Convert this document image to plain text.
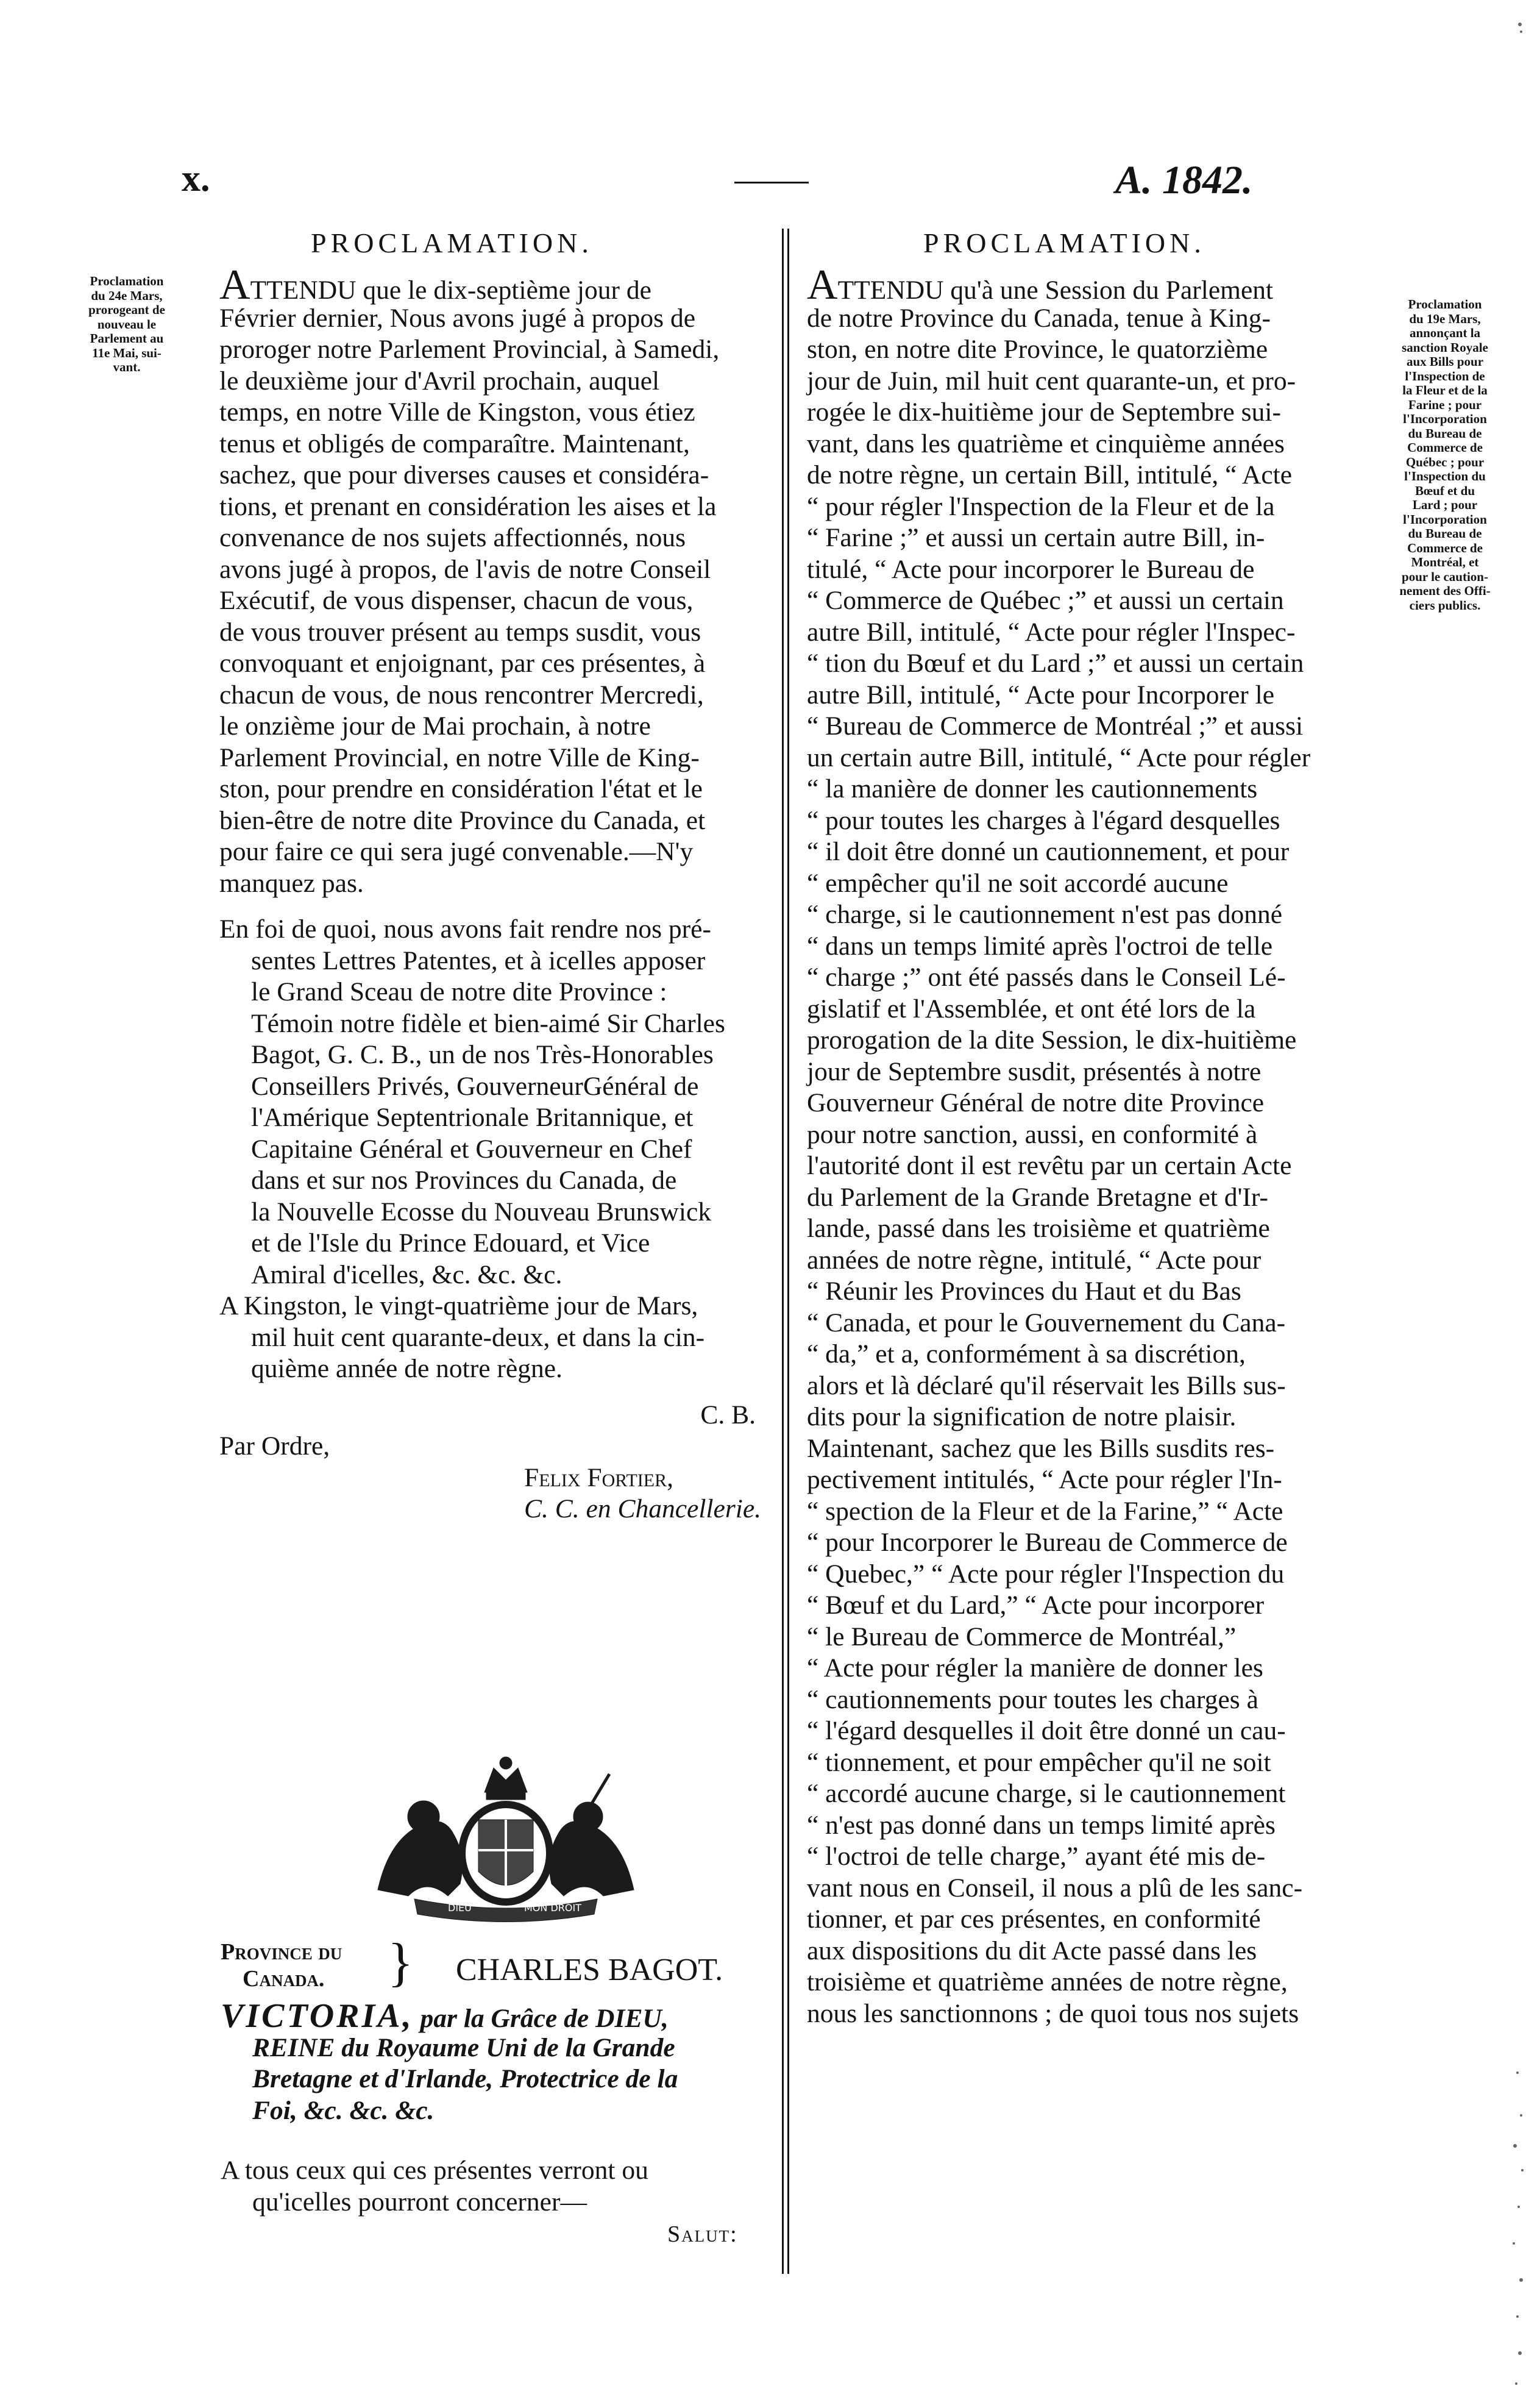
x.	A. 1842.
PROCLAMATION.	PROCLAMATION.
Proclamation
du 24e Mars,
prorogeant de
nouveau le
Parlement au
11e Mai, sui-
vant.
Proclamation
du 19e Mars,
annonçant la
sanction Royale
aux Bills pour
l'Inspection de
la Fleur et de la
Farine ; pour
l'Incorporation
du Bureau de
Commerce de
Québec ; pour
l'Inspection du
Bœuf et du
Lard ; pour
l'Incorporation
du Bureau de
Commerce de
Montréal, et
pour le caution-
nement des Offi-
ciers publics.
ATTENDU que le dix-septième jour de
Février dernier, Nous avons jugé à propos de
proroger notre Parlement Provincial, à Samedi,
le deuxième jour d'Avril prochain, auquel
temps, en notre Ville de Kingston, vous étiez
tenus et obligés de comparaître. Maintenant,
sachez, que pour diverses causes et considéra-
tions, et prenant en considération les aises et la
convenance de nos sujets affectionnés, nous
avons jugé à propos, de l'avis de notre Conseil
Exécutif, de vous dispenser, chacun de vous,
de vous trouver présent au temps susdit, vous
convoquant et enjoignant, par ces présentes, à
chacun de vous, de nous rencontrer Mercredi,
le onzième jour de Mai prochain, à notre
Parlement Provincial, en notre Ville de King-
ston, pour prendre en considération l'état et le
bien-être de notre dite Province du Canada, et
pour faire ce qui sera jugé convenable.—N'y
manquez pas.
En foi de quoi, nous avons fait rendre nos pré-
sentes Lettres Patentes, et à icelles apposer
le Grand Sceau de notre dite Province :
Témoin notre fidèle et bien-aimé Sir Charles
Bagot, G. C. B., un de nos Très-Honorables
Conseillers Privés, GouverneurGénéral de
l'Amérique Septentrionale Britannique, et
Capitaine Général et Gouverneur en Chef
dans et sur nos Provinces du Canada, de
la Nouvelle Ecosse du Nouveau Brunswick
et de l'Isle du Prince Edouard, et Vice
Amiral d'icelles, &c. &c. &c.
A Kingston, le vingt-quatrième jour de Mars,
mil huit cent quarante-deux, et dans la cin-
quième année de notre règne.
C. B.
Par Ordre,
Felix Fortier,
C. C. en Chancellerie.
DIEU	MON DROIT
Province du
Canada.	} CHARLES BAGOT.
VICTORIA, par la Grâce de DIEU,
REINE du Royaume Uni de la Grande
Bretagne et d'Irlande, Protectrice de la
Foi, &c. &c. &c.
A tous ceux qui ces présentes verront ou
qu'icelles pourront concerner—
Salut:
ATTENDU qu'à une Session du Parlement
de notre Province du Canada, tenue à King-
ston, en notre dite Province, le quatorzième
jour de Juin, mil huit cent quarante-un, et pro-
rogée le dix-huitième jour de Septembre sui-
vant, dans les quatrième et cinquième années
de notre règne, un certain Bill, intitulé, “ Acte
“ pour régler l'Inspection de la Fleur et de la
“ Farine ;” et aussi un certain autre Bill, in-
titulé, “ Acte pour incorporer le Bureau de
“ Commerce de Québec ;” et aussi un certain
autre Bill, intitulé, “ Acte pour régler l'Inspec-
“ tion du Bœuf et du Lard ;” et aussi un certain
autre Bill, intitulé, “ Acte pour Incorporer le
“ Bureau de Commerce de Montréal ;” et aussi
un certain autre Bill, intitulé, “ Acte pour régler
“ la manière de donner les cautionnements
“ pour toutes les charges à l'égard desquelles
“ il doit être donné un cautionnement, et pour
“ empêcher qu'il ne soit accordé aucune
“ charge, si le cautionnement n'est pas donné
“ dans un temps limité après l'octroi de telle
“ charge ;” ont été passés dans le Conseil Lé-
gislatif et l'Assemblée, et ont été lors de la
prorogation de la dite Session, le dix-huitième
jour de Septembre susdit, présentés à notre
Gouverneur Général de notre dite Province
pour notre sanction, aussi, en conformité à
l'autorité dont il est revêtu par un certain Acte
du Parlement de la Grande Bretagne et d'Ir-
lande, passé dans les troisième et quatrième
années de notre règne, intitulé, “ Acte pour
“ Réunir les Provinces du Haut et du Bas
“ Canada, et pour le Gouvernement du Cana-
“ da,” et a, conformément à sa discrétion,
alors et là déclaré qu'il réservait les Bills sus-
dits pour la signification de notre plaisir.
Maintenant, sachez que les Bills susdits res-
pectivement intitulés, “ Acte pour régler l'In-
“ spection de la Fleur et de la Farine,” “ Acte
“ pour Incorporer le Bureau de Commerce de
“ Quebec,” “ Acte pour régler l'Inspection du
“ Bœuf et du Lard,” “ Acte pour incorporer
“ le Bureau de Commerce de Montréal,”
“ Acte pour régler la manière de donner les
“ cautionnements pour toutes les charges à
“ l'égard desquelles il doit être donné un cau-
“ tionnement, et pour empêcher qu'il ne soit
“ accordé aucune charge, si le cautionnement
“ n'est pas donné dans un temps limité après
“ l'octroi de telle charge,” ayant été mis de-
vant nous en Conseil, il nous a plû de les sanc-
tionner, et par ces présentes, en conformité
aux dispositions du dit Acte passé dans les
troisième et quatrième années de notre règne,
nous les sanctionnons ; de quoi tous nos sujets
